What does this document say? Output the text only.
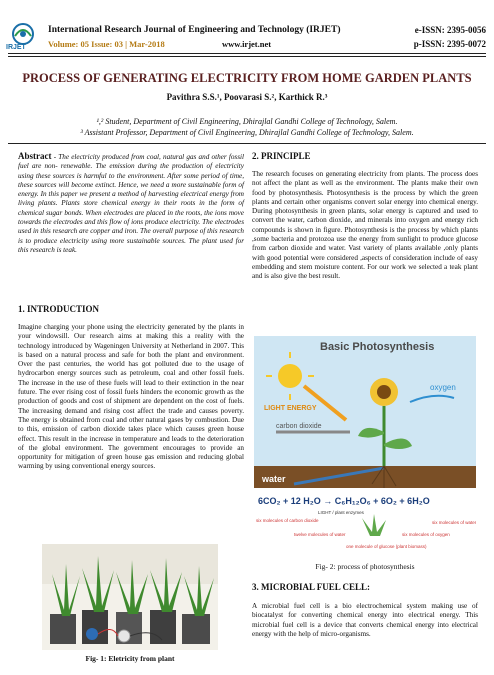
IRJET
International Research Journal of Engineering and Technology (IRJET)	e-ISSN: 2395-0056
Volume: 05 Issue: 03 | Mar-2018	www.irjet.net	p-ISSN: 2395-0072
PROCESS OF GENERATING ELECTRICITY FROM HOME GARDEN PLANTS
Pavithra S.S.¹, Poovarasi S.², Karthick R.³
¹,² Student, Department of Civil Engineering, Dhirajlal Gandhi College of Technology, Salem.
³ Assistant Professor, Department of Civil Engineering, Dhirajlal Gandhi College of Technology, Salem.

Abstract - The electricity produced from coal, natural gas and other fossil fuel are non- renewable. The emission during the production of electricity using these sources is harmful to the environment. After some period of time, these sources will become extinct. Hence, we need a more sustainable form of energy. In this paper we present a method of harvesting electrical energy from living plants. Plants store chemical energy in their roots in the form of chemical sugar bonds. When electrodes are placed in the roots, the ions move towards the electrodes and this flow of ions produce electricity. The electrodes used in this research are copper and iron. The overall purpose of this research is to produce electricity using more sustainable sources. The plant used for this research is teak.

1. INTRODUCTION

Imagine charging your phone using the electricity generated by the plants in your windowsill. Our research aims at making this a reality with the technology introduced by Wageningen University at Netherland in 2007. This is based on a natural process and safe for both the plant and environment. Over the past centuries, the world has got polluted due to the usage of hydrocarbon energy sources such as petroleum, coal and other fossil fuels. The increase in the use of these fuels will lead to their extinction in the near future. The ever rising cost of fossil fuels hinders the economic growth as the production of goods and cost of shipment are dependent on the cost of fuels. The increasing demand and rising cost affect the trade and causes poverty. The energy is obtained from coal and other natural gases by combustion. Due to this, emission of carbon dioxide takes place which causes green house effect. This result in the increase in temperature and leads to the deterioration of the global environment. The government encourages to provide an opportunity for mitigation of green house gas emission and reducing global warming by using conventional energy sources.

Fig- 1: Eletricity from plant
2. PRINCIPLE

The research focuses on generating electricity from plants. The process does not affect the plant as well as the environment. The plants make their own food by photosynthesis. Photosynthesis is the process by which the green plants and certain other organisms convert solar energy into chemical energy. During photosynthesis in green plants, solar energy is captured and used to convert the water, carbon dioxide, and minerals into oxygen and energy rich compounds is shown in figure. Photosynthesis is the process by which plants ,some bacteria and protozoa use the energy from sunlight to produce glucose from carbon dioxide and water. Vast variety of plants available ,only plants with good potential were considered ,aspects of consideration include of easy embedding and stem moisture content. For our work we selected a teak plant and is also give the best result.

Basic Photosynthesis
LIGHT ENERGY
oxygen
carbon dioxide
water
6CO₂ + 12 H₂O → C₆H₁₂O₆ + 6O₂ + 6H₂O
LIGHT / plant enzymes
six molecules of carbon dioxide
twelve molecules of water
one molecule of glucose (plant biomass)
six molecules of oxygen
six molecules of water
Fig- 2: process of photosynthesis
3. MICROBIAL FUEL CELL:

A microbial fuel cell is a bio electrochemical system making use of biocatalyst for converting chemical energy into electrical energy. This microbial fuel cell is a device that converts chemical energy into electrical energy with the help of micro-organisms.
